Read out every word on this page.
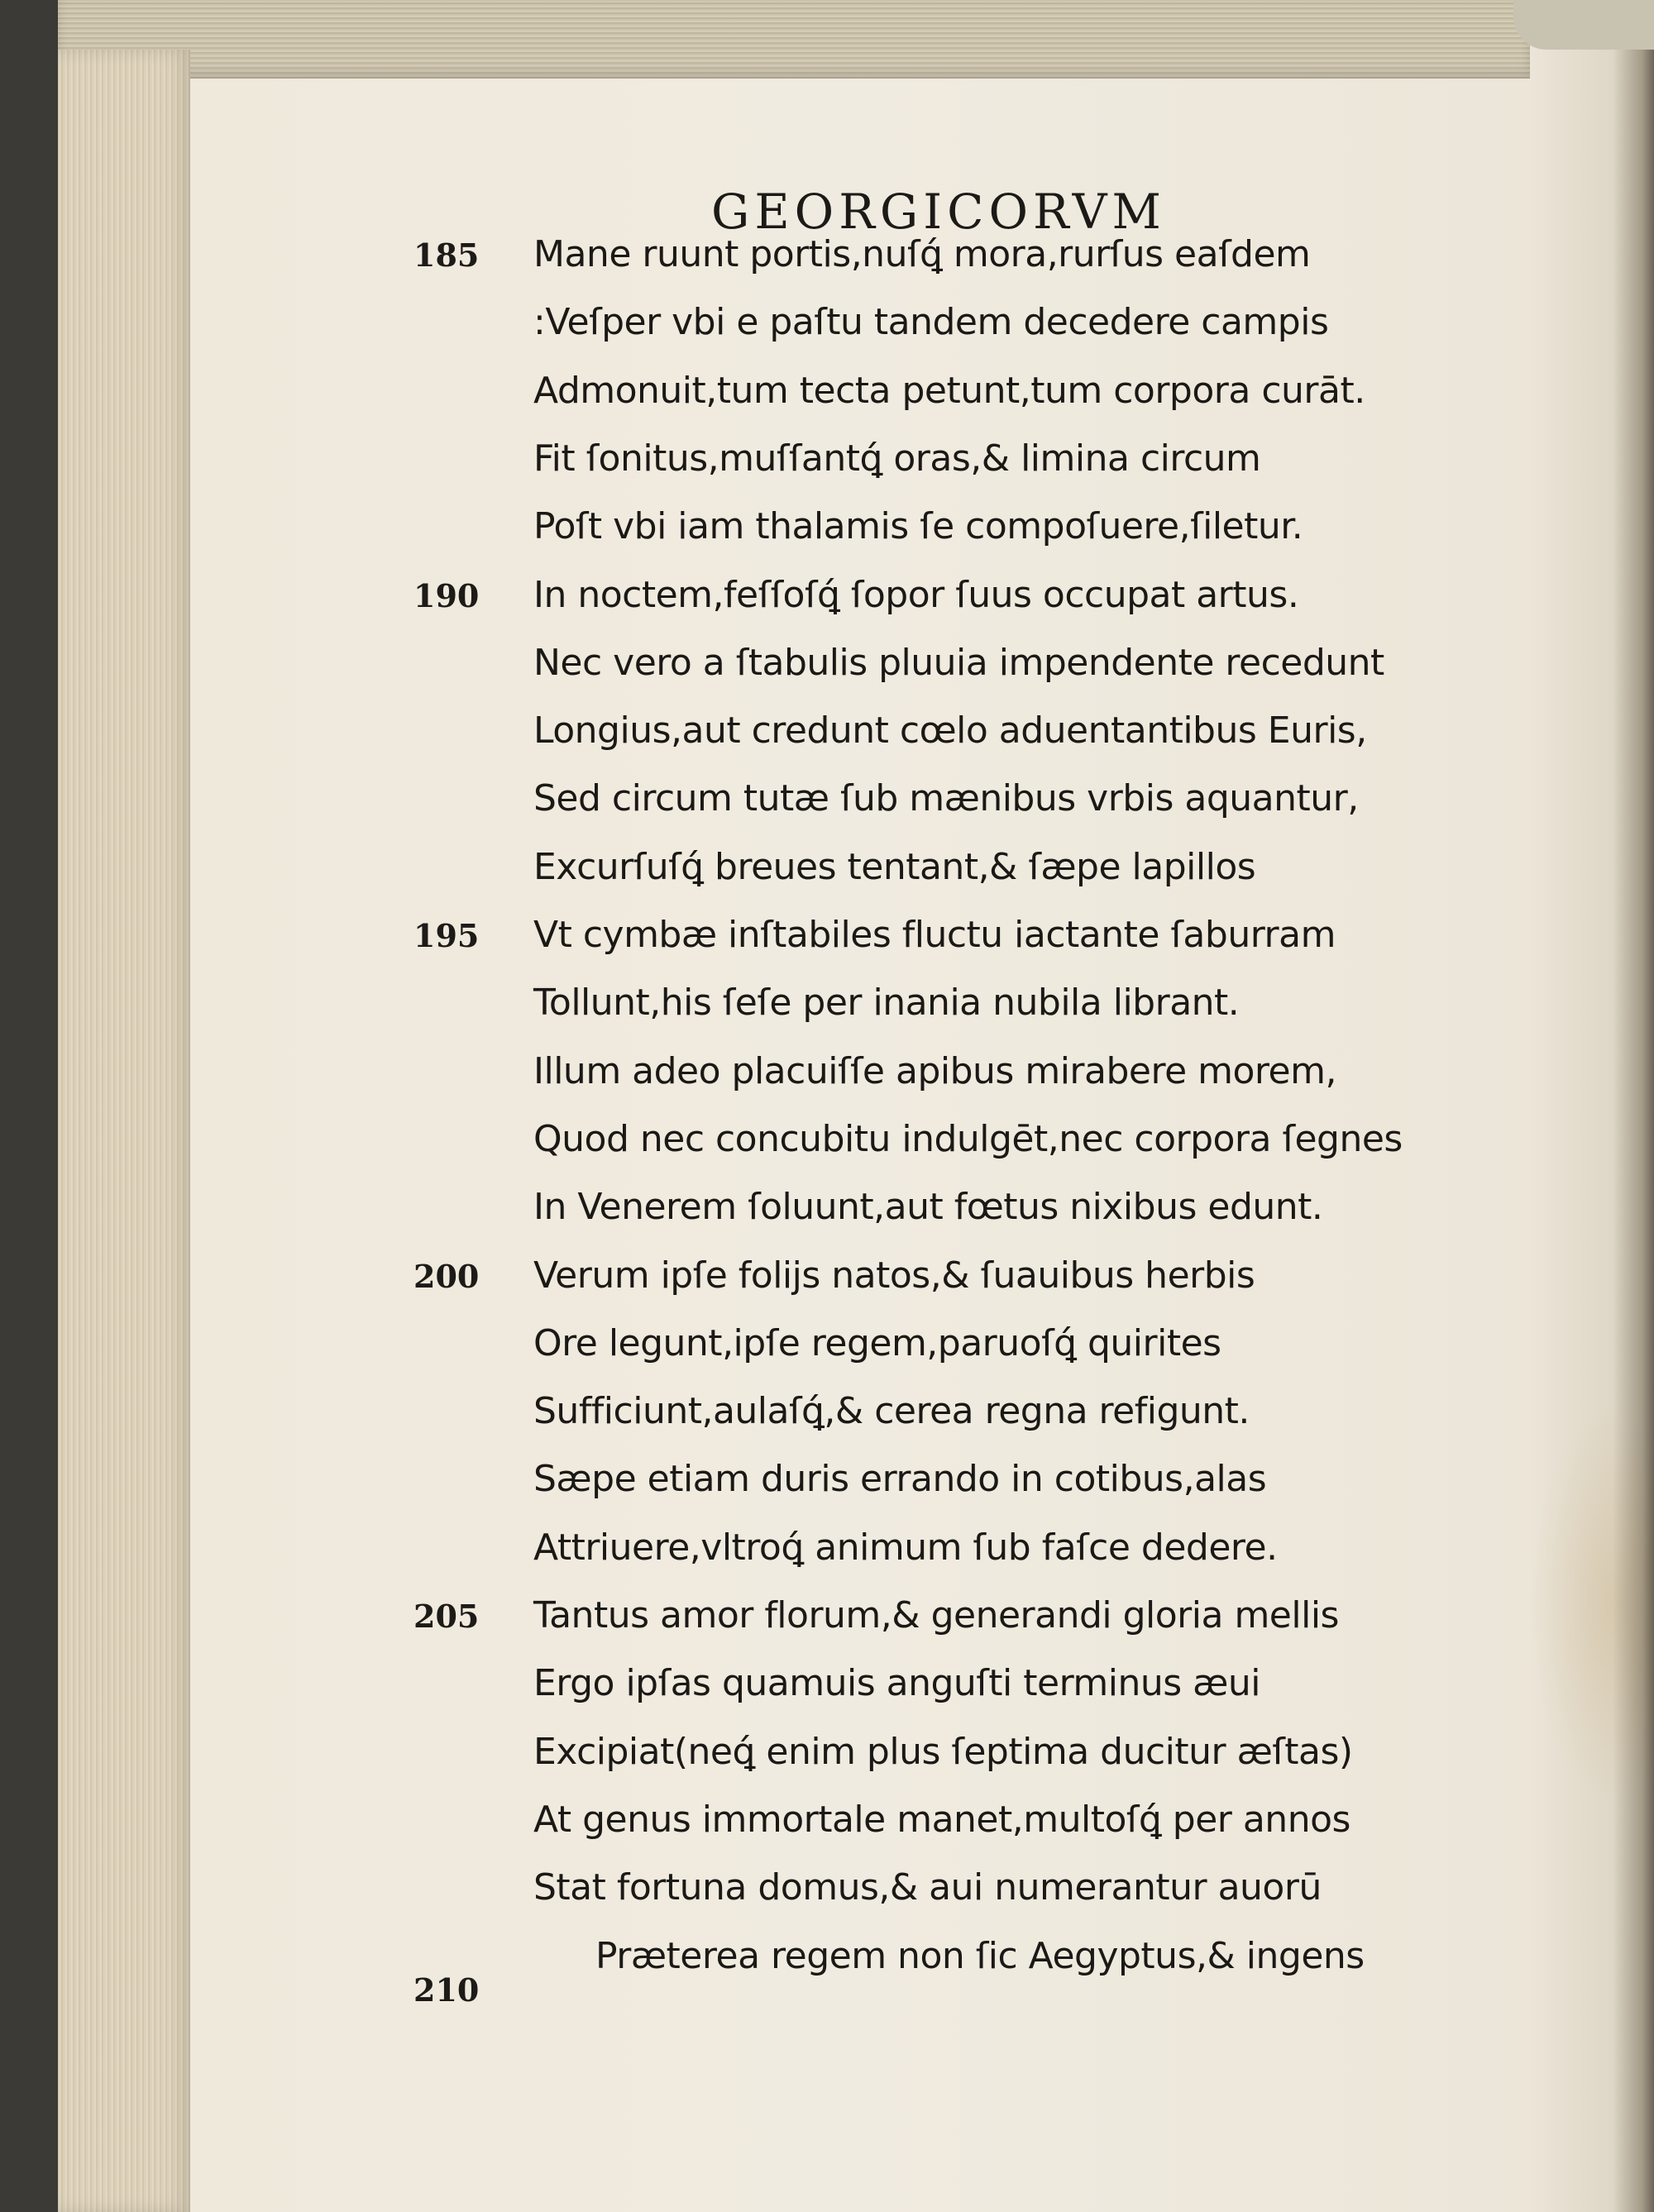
GEORGICORVM
Mane ruunt portis,nuſꝗ́ mora,rurſus eaſdem
185
:Veſper vbi e paſtu tandem decedere campis
Admonuit,tum tecta petunt,tum corpora curāt.
Fit ſonitus,muſſantꝗ́ oras,& limina circum
Poſt vbi iam thalamis ſe compoſuere,ſiletur.
In noctem,feſſoſꝗ́ ſopor ſuus occupat artus.
190
Nec vero a ſtabulis pluuia impendente recedunt
Longius,aut credunt cœlo aduentantibus Euris,
Sed circum tutæ ſub mænibus vrbis aquantur,
Excurſuſꝗ́ breues tentant,& ſæpe lapillos
Vt cymbæ inſtabiles fluctu iactante ſaburram
195
Tollunt,his ſeſe per inania nubila librant.
Illum adeo placuiſſe apibus mirabere morem,
Quod nec concubitu indulgēt,nec corpora ſegnes
In Venerem ſoluunt,aut fœtus nixibus edunt.
Verum ipſe folijs natos,& ſuauibus herbis
200
Ore legunt,ipſe regem,paruoſꝗ́ quirites
Sufficiunt,aulaſꝗ́,& cerea regna refigunt.
Sæpe etiam duris errando in cotibus,alas
Attriuere,vltroꝗ́ animum ſub faſce dedere.
Tantus amor florum,& generandi gloria mellis
205
Ergo ipſas quamuis anguſti terminus æui
Excipiat(neꝗ́ enim plus ſeptima ducitur æſtas)
At genus immortale manet,multoſꝗ́ per annos
Stat fortuna domus,& aui numerantur auorū
Præterea regem non ſic Aegyptus,& ingens
210
